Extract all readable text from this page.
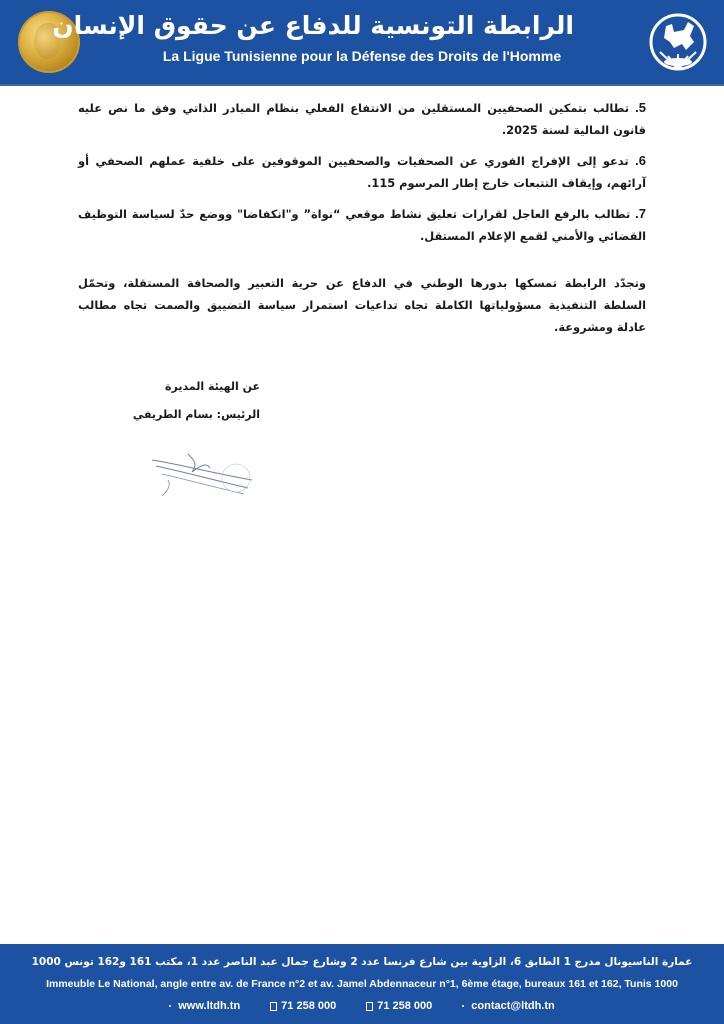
الرابطة التونسية للدفاع عن حقوق الإنسان
La Ligue Tunisienne pour la Défense des Droits de l'Homme

5. تطالب بتمكين الصحفيين المستقلين من الانتفاع الفعلي بنظام المبادر الذاتي وفق ما نص عليه قانون المالية لسنة 2025.

6. تدعو إلى الإفراج الفوري عن الصحفيات والصحفيين الموقوفين على خلفية عملهم الصحفي أو آرائهم، وإيقاف التتبعات خارج إطار المرسوم 115.

7. تطالب بالرفع العاجل لقرارات تعليق نشاط موقعي “نواة” و"انكفاضا" ووضع حدّ لسياسة التوظيف القضائي والأمني لقمع الإعلام المستقل.

وتجدّد الرابطة تمسكها بدورها الوطني في الدفاع عن حرية التعبير والصحافة المستقلة، وتحمّل السلطة التنفيذية مسؤولياتها الكاملة تجاه تداعيات استمرار سياسة التضييق والصمت تجاه مطالب عادلة ومشروعة.
عن الهيئة المديرة
الرئيس: بسام الطريفي
عمارة الناسيونال مدرج 1 الطابق 6، الزاوية بين شارع فرنسا عدد 2 وشارع جمال عبد الناصر عدد 1، مكتب 161 و162 تونس 1000
Immeuble Le National, angle entre av. de France n°2 et av. Jamel Abdennaceur n°1, 6ème étage, bureaux 161 et 162, Tunis 1000
www.ltdh.tn	71 258 000	71 258 000	contact@ltdh.tn
